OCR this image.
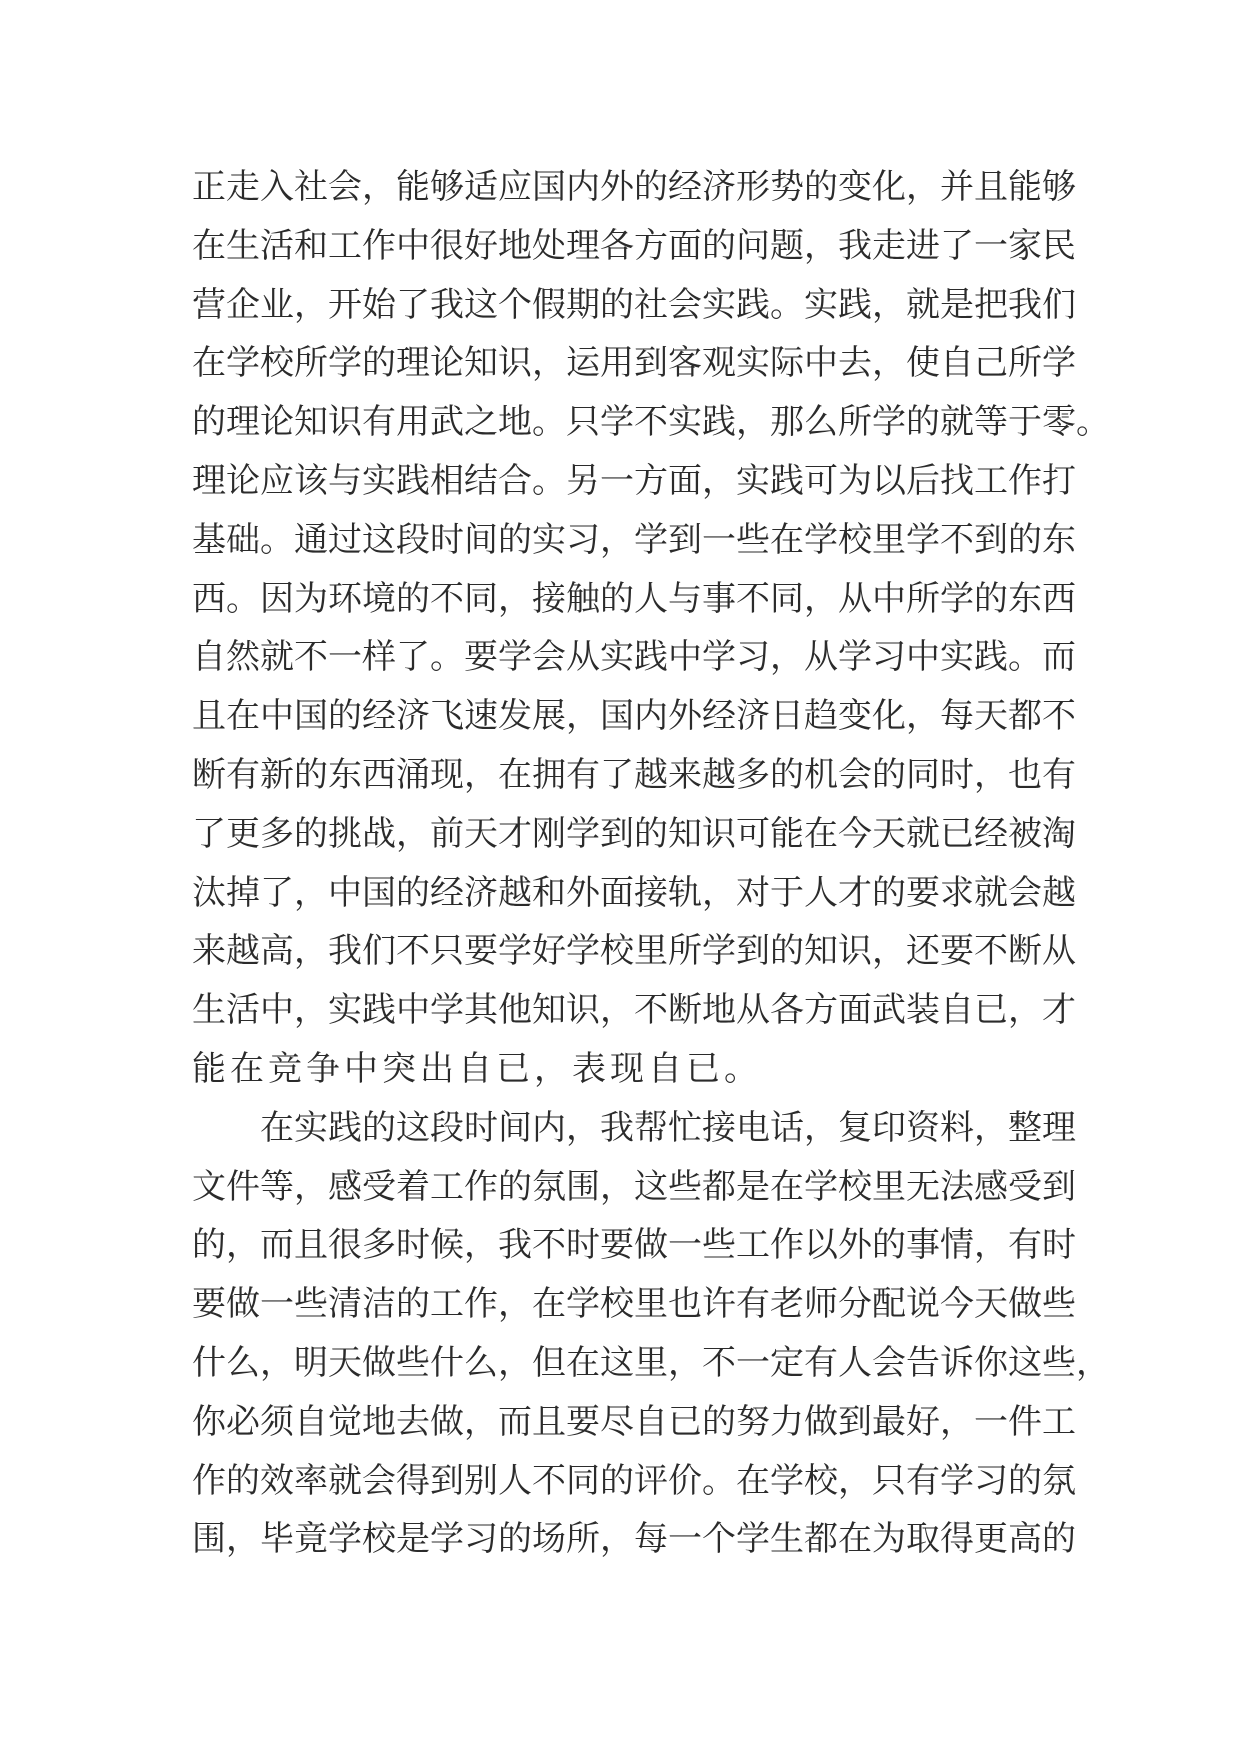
正走入社会，能够适应国内外的经济形势的变化，并且能够
在生活和工作中很好地处理各方面的问题，我走进了一家民
营企业，开始了我这个假期的社会实践。实践，就是把我们
在学校所学的理论知识，运用到客观实际中去，使自己所学
的理论知识有用武之地。只学不实践，那么所学的就等于零。
理论应该与实践相结合。另一方面，实践可为以后找工作打
基础。通过这段时间的实习，学到一些在学校里学不到的东
西。因为环境的不同，接触的人与事不同，从中所学的东西
自然就不一样了。要学会从实践中学习，从学习中实践。而
且在中国的经济飞速发展，国内外经济日趋变化，每天都不
断有新的东西涌现，在拥有了越来越多的机会的同时，也有
了更多的挑战，前天才刚学到的知识可能在今天就已经被淘
汰掉了，中国的经济越和外面接轨，对于人才的要求就会越
来越高，我们不只要学好学校里所学到的知识，还要不断从
生活中，实践中学其他知识，不断地从各方面武装自已，才
能在竞争中突出自已，表现自已。
在实践的这段时间内，我帮忙接电话，复印资料，整理
文件等，感受着工作的氛围，这些都是在学校里无法感受到
的，而且很多时候，我不时要做一些工作以外的事情，有时
要做一些清洁的工作，在学校里也许有老师分配说今天做些
什么，明天做些什么，但在这里，不一定有人会告诉你这些，
你必须自觉地去做，而且要尽自已的努力做到最好，一件工
作的效率就会得到别人不同的评价。在学校，只有学习的氛
围，毕竟学校是学习的场所，每一个学生都在为取得更高的
